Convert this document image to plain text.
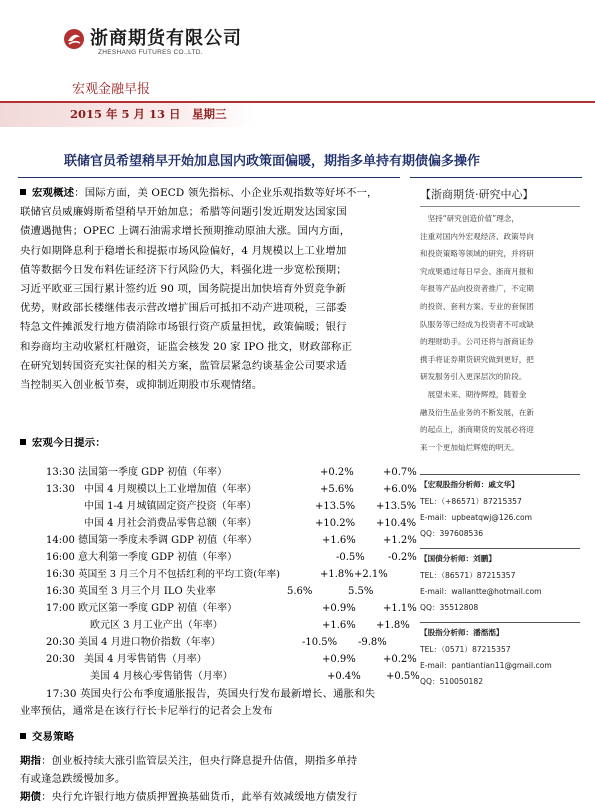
浙商期货有限公司
ZHESHANG FUTURES CO.,LTD.
宏观金融早报
2015 年 5 月 13 日　星期三
联储官员希望稍早开始加息国内政策面偏暖，期指多单持有期债偏多操作

宏观概述：国际方面，美 OECD 领先指标、小企业乐观指数等好坏不一，

联储官员威廉姆斯希望稍早开始加息；希腊等问题引发近期发达国家国

债遭遇抛售；OPEC 上调石油需求增长预期推动原油大涨。国内方面，

央行如期降息利于稳增长和提振市场风险偏好，4 月规模以上工业增加

值等数据今日发布料佐证经济下行风险仍大，料强化进一步宽松预期；

习近平欧亚三国行累计签约近 90 项，国务院提出加快培育外贸竞争新

优势，财政部长楼继伟表示营改增扩围后可抵扣不动产进项税，三部委

特急文件摊派发行地方债消除市场银行资产质量担忧，政策偏暖；银行

和券商均主动收紧杠杆融资，证监会核发 20 家 IPO 批文，财政部称正

在研究划转国资充实社保的相关方案，监管层紧急约谈基金公司要求适

当控制买入创业板节奏，或抑制近期股市乐观情绪。

宏观今日提示：

13:30 法国第一季度 GDP 初值（年率）	+0.2%	+0.7%
13:30 中国 4 月规模以上工业增加值（年率）	+5.6%	+6.0%
中国 1-4 月城镇固定资产投资（年率）	+13.5% +13.5%
中国 4 月社会消费品零售总额（年率）	+10.2% +10.4%
14:00 德国第一季度未季调 GDP 初值（年率）	+1.6%	+1.2%
16:00 意大利第一季度 GDP 初值（年率）	-0.5% -0.2%
16:30 英国至 3 月三个月不包括红利的平均工资(年率)	+1.8% +2.1%
16:30 英国至 3 月三个月 ILO 失业率	5.6%	5.5%
17:00 欧元区第一季度 GDP 初值（年率）	+0.9%	+1.1%
欧元区 3 月工业产出（年率）	+1.6% +1.8%
20:30 美国 4 月进口物价指数（年率）	-10.5% -9.8%
20:30 美国 4 月零售销售（月率）	+0.9%	+0.2%
美国 4 月核心零售销售（月率）	+0.4%	+0.5%

17:30 英国央行公布季度通胀报告，英国央行发布最新增长、通胀和失

业率预估，通常是在该行行长卡尼举行的记者会上发布

交易策略

期指：创业板持续大涨引监管层关注，但央行降息提升估值，期指多单持

有或逢急跌缓慢加多。

期债：央行允许银行地方债质押置换基础货币，此举有效减缓地方债发行

【浙商期货·研究中心】
　坚持“研究创造价值”理念，
注重对国内外宏观经济、政策导向
和投资策略等领域的研究，并将研
究成果通过每日早会、浙商月报和
年报等产品向投资者推广，不定期
的投资、套利方案、专业的套保团
队服务等已经成为投资者不可或缺
的理财助手。公司还将与浙商证券
携手将证券期货研究做到更好，把
研发服务引入更深层次的阶段。
　展望未来、期待辉煌，随着金
融及衍生品业务的不断发展，在新
的起点上，浙商期货的发展必将迎
来一个更加灿烂辉煌的明天。
【宏观股指分析师：戚文华】
TEL：（+86571）87215357
E-mail：upbeatqwj@126.com
QQ：397608536
【国债分析师：刘鹏】
TEL：（86571）87215357
E-mail：wallantte@hotmail.com
QQ：35512808
【股指分析师：潘湉湉】
TEL：（0571）87215357
E-mail：pantiantian11@gmail.com
QQ：510050182
